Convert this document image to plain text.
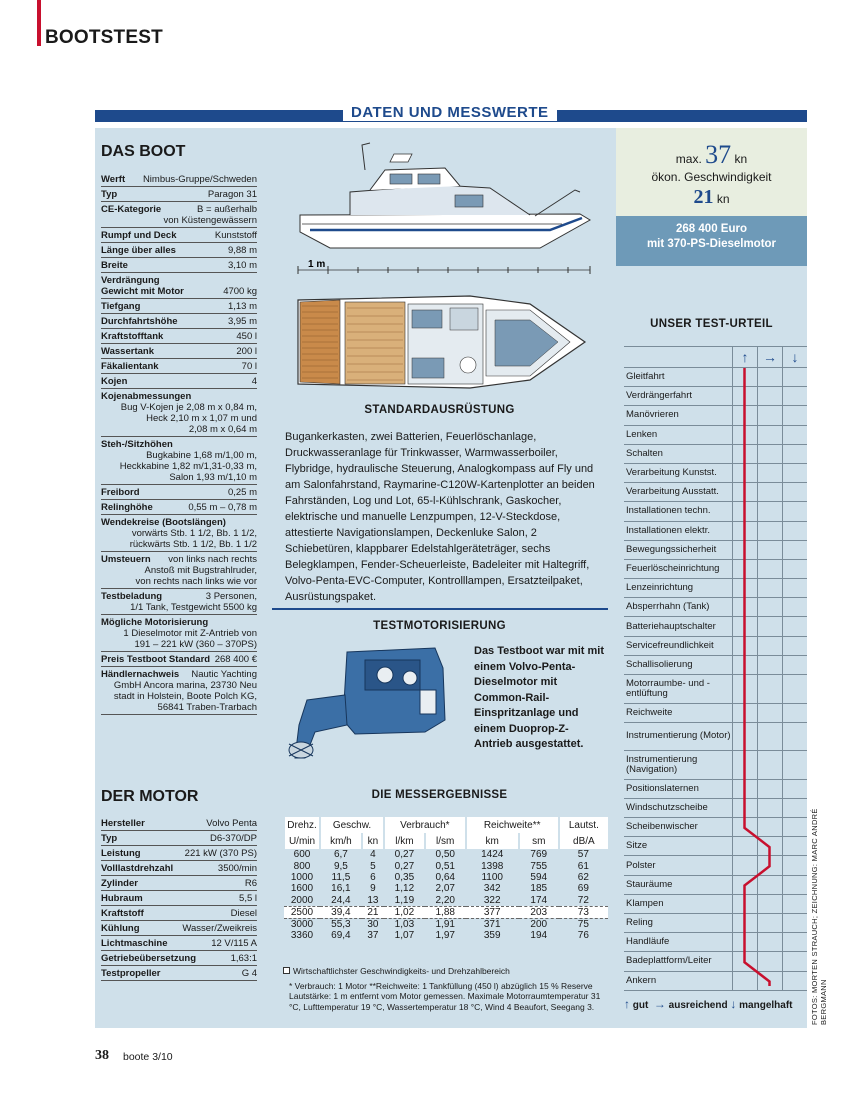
BOOTSTEST
DATEN UND MESSWERTE
DAS BOOT
Werft Nimbus-Gruppe/Schweden
Typ	Paragon 31
CE-Kategorie	B = außerhalb
von Küstengewässern
Rumpf und Deck	Kunststoff
Länge über alles	9,88 m
Breite	3,10 m
Verdrängung
Gewicht mit Motor	4700 kg
Tiefgang	1,13 m
Durchfahrtshöhe	3,95 m
Kraftstofftank	450 l
Wassertank	200 l
Fäkalientank	70 l
Kojen	4
Kojenabmessungen
Bug V-Kojen je 2,08 m x 0,84 m,
Heck 2,10 m x 1,07 m und
2,08 m x 0,64 m
Steh-/Sitzhöhen
Bugkabine 1,68 m/1,00 m,
Heckkabine 1,82 m/1,31-0,33 m,
Salon 1,93 m/1,10 m
Freibord	0,25 m
Relinghöhe	0,55 m – 0,78 m
Wendekreise (Bootslängen)
vorwärts Stb. 1 1/2, Bb. 1 1/2,
rückwärts Stb. 1 1/2, Bb. 1 1/2
Umsteuern von links nach rechts
Anstoß mit Bugstrahlruder,
von rechts nach links wie vor
Testbeladung	3 Personen,
1/1 Tank, Testgewicht 5500 kg
Mögliche Motorisierung
1 Dieselmotor mit Z-Antrieb von
191 – 221 kW (360 – 370PS)
Preis Testboot Standard 268 400 €
Händlernachweis Nautic Yachting
GmbH Ancora marina, 23730 Neu
stadt in Holstein, Boote Polch KG,
56841 Traben-Trarbach
DER MOTOR
Hersteller	Volvo Penta
Typ	D6-370/DP
Leistung	221 kW (370 PS)
Volllastdrehzahl	3500/min
Zylinder	R6
Hubraum	5,5 l
Kraftstoff	Diesel
Kühlung	Wasser/Zweikreis
Lichtmaschine	12 V/115 A
Getriebeübersetzung	1,63:1
Testpropeller	G 4
1 m
STANDARDAUSRÜSTUNG
Bugankerkasten, zwei Batterien, Feuerlöschanlage, Druckwasseranlage für Trinkwasser, Warmwasserboiler, Flybridge, hydraulische Steuerung, Analogkompass auf Fly und am Salonfahrstand, Raymarine-C120W-Kartenplotter an beiden Fahrständen, Log und Lot, 65-l-Kühlschrank, Gaskocher, elektrische und manuelle Lenzpumpen, 12-V-Steckdose, attestierte Navigationslampen, Deckenluke Salon, 2 Schiebetüren, klappbarer Edelstahlgeräteträger, sechs Belegklampen, Fender-Scheuerleiste, Badeleiter mit Haltegriff, Volvo-Penta-EVC-Computer, Kontrolllampen, Ersatzteilpaket, Ausrüstungspaket.
TESTMOTORISIERUNG
Das Testboot war mit mit einem Volvo-Penta-Dieselmotor mit Common-Rail-Einspritzanlage und einem Duoprop-Z-Antrieb ausgestattet.
DIE MESSERGEBNISSE
Drehz.	Geschw.		Verbrauch*		Reichweite**		Lautst.
U/min	km/h	kn	l/km	l/sm	km	sm	dB/A
600	6,7	4	0,27	0,50	1424	769	57
800	9,5	5	0,27	0,51	1398	755	61
1000	11,5	6	0,35	0,64	1100	594	62
1600	16,1	9	1,12	2,07	342	185	69
2000	24,4	13	1,19	2,20	322	174	72
2500	39,4	21	1,02	1,88	377	203	73
3000	55,3	30	1,03	1,91	371	200	75
3360	69,4	37	1,07	1,97	359	194	76
Wirtschaftlichster Geschwindigkeits- und Drehzahlbereich
* Verbrauch: 1 Motor **Reichweite: 1 Tankfüllung (450 l) abzüglich 15 % Reserve Lautstärke: 1 m entfernt vom Motor gemessen. Maximale Motorraumtemperatur 31 °C, Lufttemperatur 19 °C, Wassertemperatur 18 °C, Wind 4 Beaufort, Seegang 3.
max. 37 kn
ökon. Geschwindigkeit
21 kn
268 400 Euro
mit 370-PS-Dieselmotor
UNSER TEST-URTEIL
↑	→	↓
Gleitfahrt
Verdrängerfahrt
Manövrieren
Lenken
Schalten
Verarbeitung Kunstst.
Verarbeitung Ausstatt.
Installationen techn.
Installationen elektr.
Bewegungssicherheit
Feuerlöscheinrichtung
Lenzeinrichtung
Absperrhahn (Tank)
Batteriehauptschalter
Servicefreundlichkeit
Schallisolierung
Motorraumbe- und -entlüftung
Reichweite
Instrumentierung (Motor)
Instrumentierung (Navigation)
Positionslaternen
Windschutzscheibe
Scheibenwischer
Sitze
Polster
Stauräume
Klampen
Reling
Handläufe
Badeplattform/Leiter
Ankern
↑ gut → ausreichend ↓ mangelhaft FOTOS: MORTEN STRAUCH; ZEICHNUNG: MARC ANDRÉ BERGMANN
38 boote 3/10
